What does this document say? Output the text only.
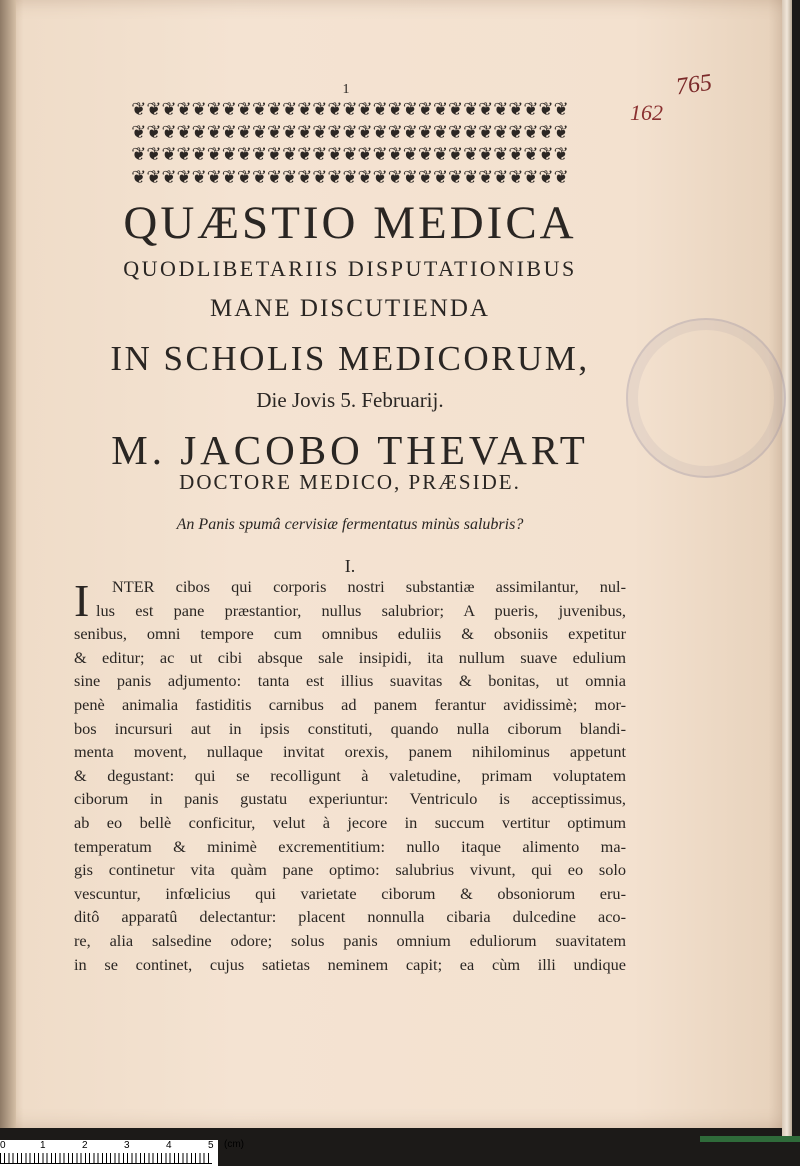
1	765
162
❦❦❦❦❦❦❦❦❦❦❦❦❦❦❦❦❦❦❦❦❦❦❦❦❦❦❦❦❦
❦❦❦❦❦❦❦❦❦❦❦❦❦❦❦❦❦❦❦❦❦❦❦❦❦❦❦❦❦
❦❦❦❦❦❦❦❦❦❦❦❦❦❦❦❦❦❦❦❦❦❦❦❦❦❦❦❦❦
❦❦❦❦❦❦❦❦❦❦❦❦❦❦❦❦❦❦❦❦❦❦❦❦❦❦❦❦❦
QUÆSTIO MEDICA
QUODLIBETARIIS DISPUTATIONIBUS
MANE DISCUTIENDA
IN SCHOLIS MEDICORUM,
Die Jovis 5. Februarij.
M. JACOBO THEVART
DOCTORE MEDICO, PRÆSIDE.
An Panis spumâ cervisiæ fermentatus minùs salubris?
I.
I	NTER cibos qui corporis nostri substantiæ assimilantur, nul-
lus est pane præstantior, nullus salubrior; A pueris, juvenibus,
senibus, omni tempore cum omnibus eduliis & obsoniis expetitur
& editur; ac ut cibi absque sale insipidi, ita nullum suave edulium
sine panis adjumento: tanta est illius suavitas & bonitas, ut omnia
penè animalia fastiditis carnibus ad panem ferantur avidissimè; mor-
bos incursuri aut in ipsis constituti, quando nulla ciborum blandi-
menta movent, nullaque invitat orexis, panem nihilominus appetunt
& degustant: qui se recolligunt à valetudine, primam voluptatem
ciborum in panis gustatu experiuntur: Ventriculo is acceptissimus,
ab eo bellè conficitur, velut à jecore in succum vertitur optimum
temperatum & minimè excrementitium: nullo itaque alimento ma-
gis continetur vita quàm pane optimo: salubrius vivunt, qui eo solo
vescuntur, infœlicius qui varietate ciborum & obsoniorum eru-
ditô apparatû delectantur: placent nonnulla cibaria dulcedine aco-
re, alia salsedine odore; solus panis omnium eduliorum suavitatem
in se continet, cujus satietas neminem capit; ea cùm illi undique
0	1	2	3	4	5 (cm)
